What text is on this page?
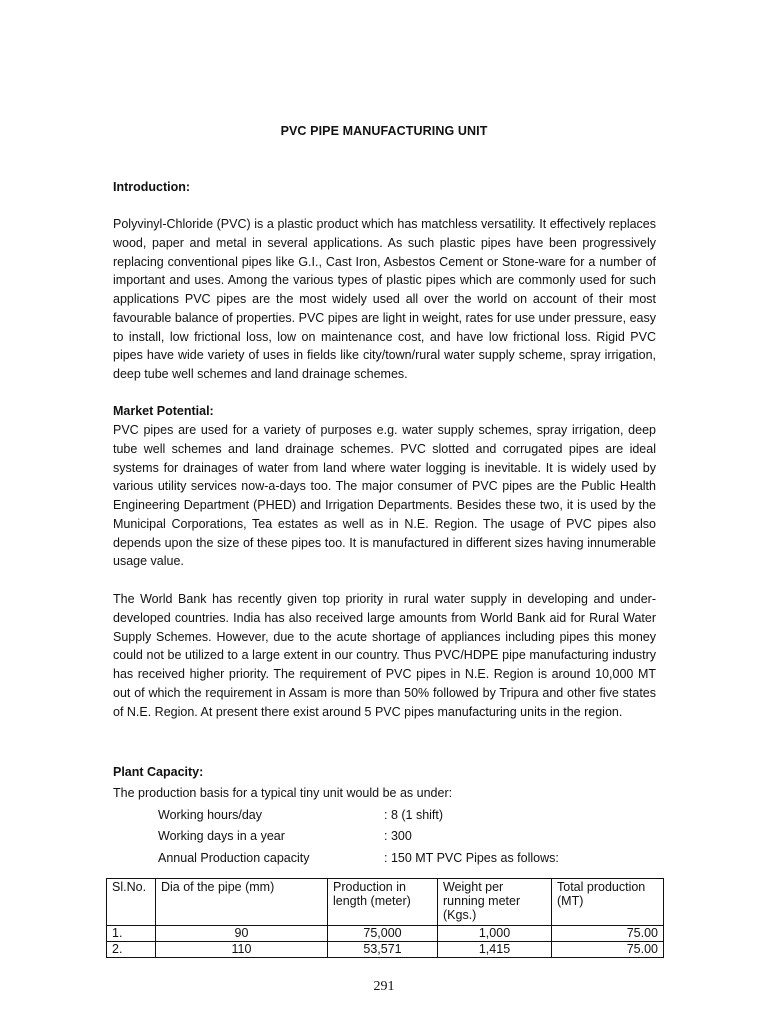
PVC PIPE MANUFACTURING UNIT
Introduction:

Polyvinyl-Chloride (PVC) is a plastic product which has matchless versatility. It effectively replaces wood, paper and metal in several applications. As such plastic pipes have been progressively replacing conventional pipes like G.I., Cast Iron, Asbestos Cement or Stone-ware for a number of important and uses. Among the various types of plastic pipes which are commonly used for such applications PVC pipes are the most widely used all over the world on account of their most favourable balance of properties. PVC pipes are light in weight, rates for use under pressure, easy to install, low frictional loss, low on maintenance cost, and have low frictional loss. Rigid PVC pipes have wide variety of uses in fields like city/town/rural water supply scheme, spray irrigation, deep tube well schemes and land drainage schemes.

Market Potential:

PVC pipes are used for a variety of purposes e.g. water supply schemes, spray irrigation, deep tube well schemes and land drainage schemes. PVC slotted and corrugated pipes are ideal systems for drainages of water from land where water logging is inevitable. It is widely used by various utility services now-a-days too. The major consumer of PVC pipes are the Public Health Engineering Department (PHED) and Irrigation Departments. Besides these two, it is used by the Municipal Corporations, Tea estates as well as in N.E. Region. The usage of PVC pipes also depends upon the size of these pipes too. It is manufactured in different sizes having innumerable usage value.

The World Bank has recently given top priority in rural water supply in developing and under-developed countries. India has also received large amounts from World Bank aid for Rural Water Supply Schemes. However, due to the acute shortage of appliances including pipes this money could not be utilized to a large extent in our country. Thus PVC/HDPE pipe manufacturing industry has received higher priority. The requirement of PVC pipes in N.E. Region is around 10,000 MT out of which the requirement in Assam is more than 50% followed by Tripura and other five states of N.E. Region. At present there exist around 5 PVC pipes manufacturing units in the region.

Plant Capacity:
The production basis for a typical tiny unit would be as under:
Working hours/day	: 8 (1 shift)
Working days in a year	: 300
Annual Production capacity	: 150 MT PVC Pipes as follows:
Sl.No.	Dia of the pipe (mm)	Production in length (meter)	Weight per running meter (Kgs.)	Total production (MT)
1.	90	75,000	1,000	75.00
2.	110	53,571	1,415	75.00
291
